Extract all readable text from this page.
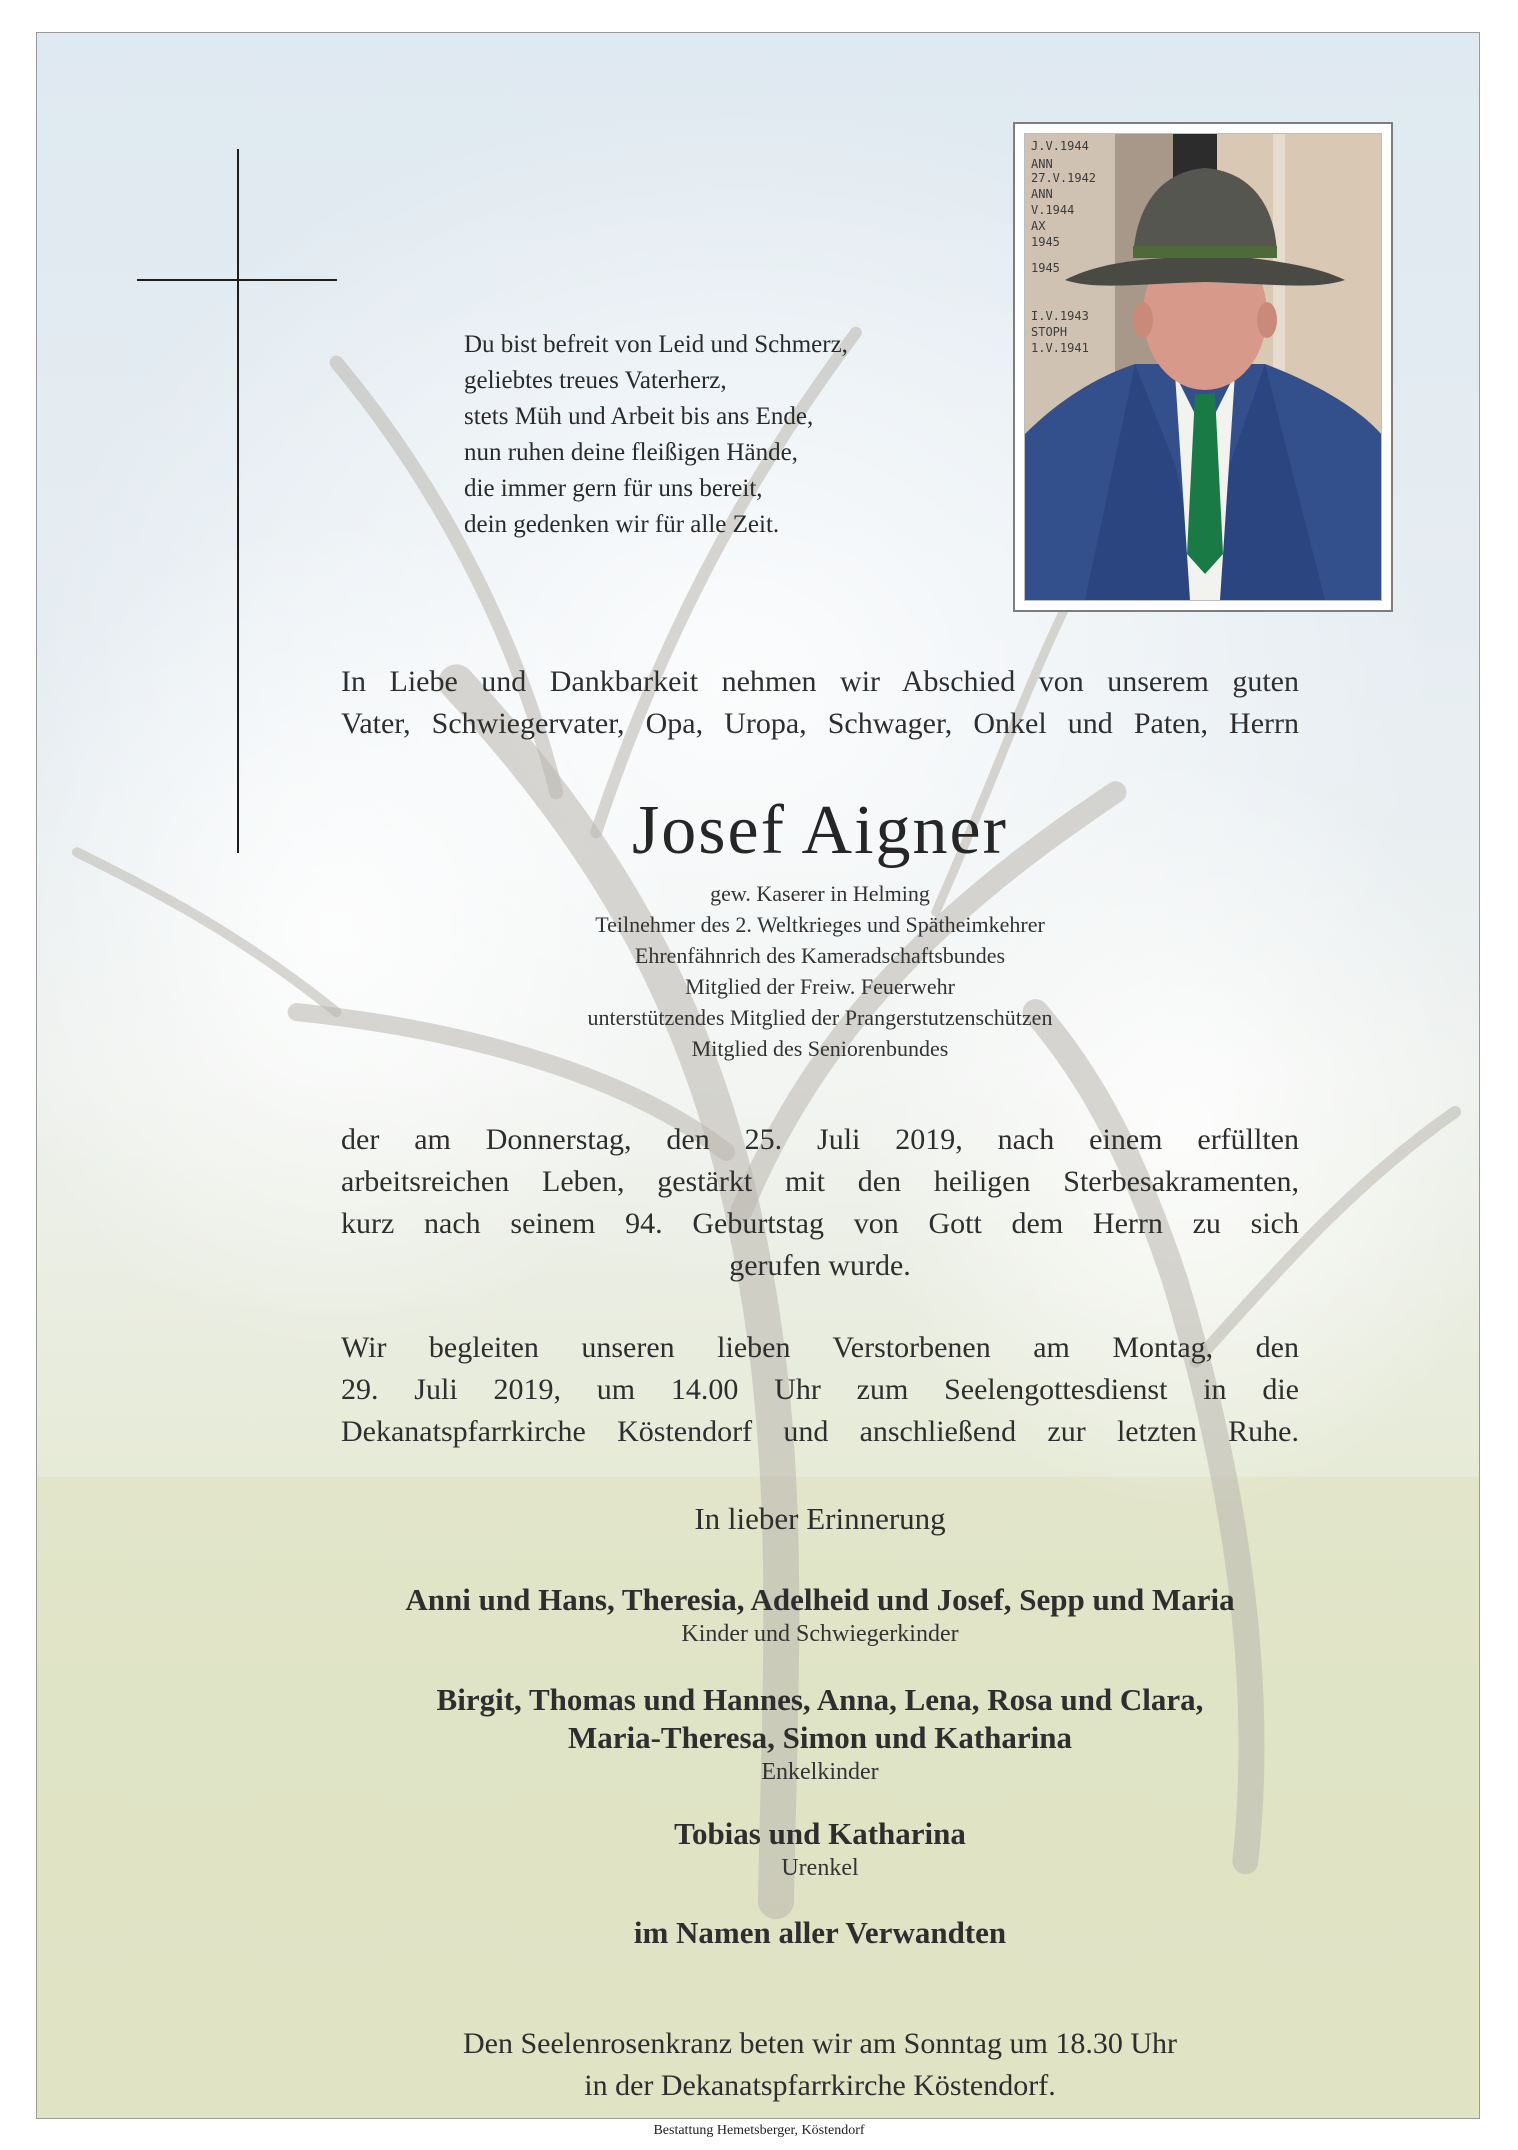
Du bist befreit von Leid und Schmerz,
geliebtes treues Vaterherz,
stets Müh und Arbeit bis ans Ende,
nun ruhen deine fleißigen Hände,
die immer gern für uns bereit,
dein gedenken wir für alle Zeit.
J.V.1944
ANN
27.V.1942
ANN
V.1944
AX
1945
1945
I.V.1943
STOPH
1.V.1941
In Liebe und Dankbarkeit nehmen wir Abschied von unserem guten
Vater, Schwiegervater, Opa, Uropa, Schwager, Onkel und Paten, Herrn
Josef Aigner
gew. Kaserer in Helming
Teilnehmer des 2. Weltkrieges und Spätheimkehrer
Ehrenfähnrich des Kameradschaftsbundes
Mitglied der Freiw. Feuerwehr
unterstützendes Mitglied der Prangerstutzenschützen
Mitglied des Seniorenbundes
der am Donnerstag, den 25. Juli 2019, nach einem erfüllten
arbeitsreichen Leben, gestärkt mit den heiligen Sterbesakramenten,
kurz nach seinem 94. Geburtstag von Gott dem Herrn zu sich
gerufen wurde.
Wir begleiten unseren lieben Verstorbenen am Montag, den
29. Juli 2019, um 14.00 Uhr zum Seelengottesdienst in die
Dekanatspfarrkirche Köstendorf und anschließend zur letzten Ruhe.
In lieber Erinnerung
Anni und Hans, Theresia, Adelheid und Josef, Sepp und Maria
Kinder und Schwiegerkinder
Birgit, Thomas und Hannes, Anna, Lena, Rosa und Clara,
Maria-Theresa, Simon und Katharina
Enkelkinder
Tobias und Katharina
Urenkel
im Namen aller Verwandten
Den Seelenrosenkranz beten wir am Sonntag um 18.30 Uhr
in der Dekanatspfarrkirche Köstendorf.
Bestattung Hemetsberger, Köstendorf
